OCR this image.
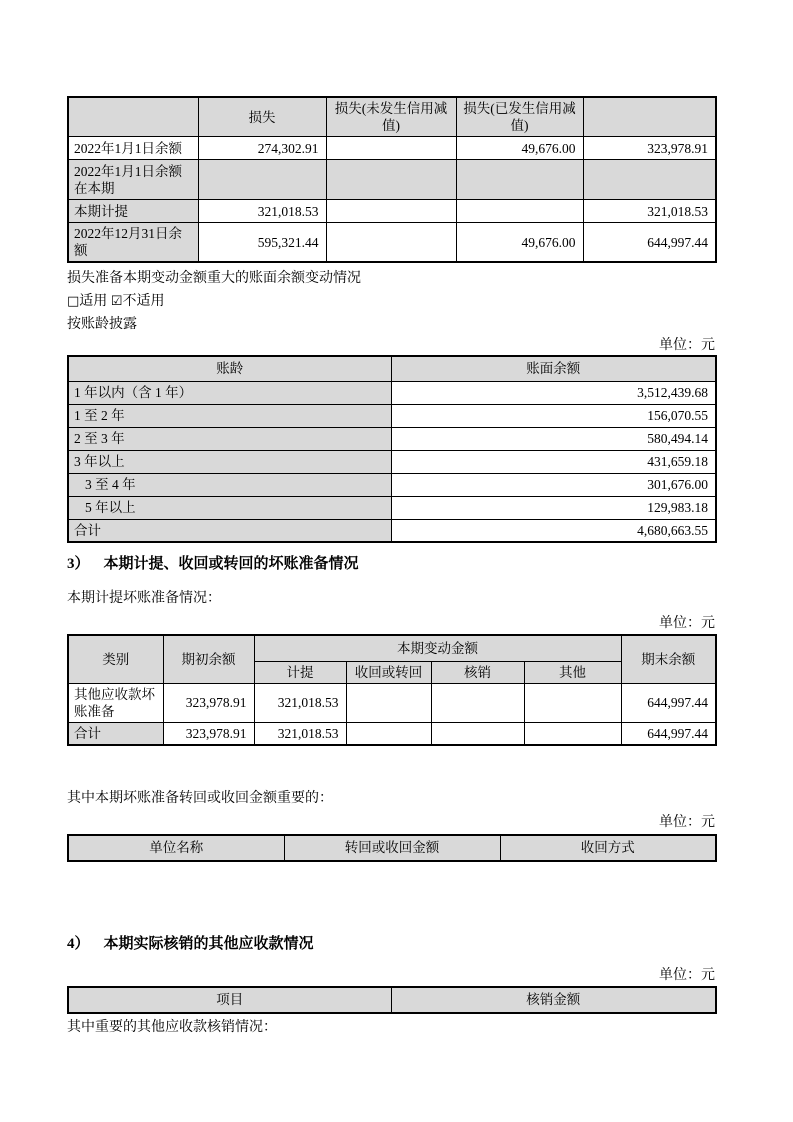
	损失	损失(未发生信用减值)	损失(已发生信用减值)	
2022年1月1日余额	274,302.91		49,676.00	323,978.91
2022年1月1日余额在本期				
本期计提	321,018.53			321,018.53
2022年12月31日余额	595,321.44		49,676.00	644,997.44

损失准备本期变动金额重大的账面余额变动情况

□适用 ☑不适用

按账龄披露

单位：元

账龄	账面余额
1 年以内（含 1 年）	3,512,439.68
1 至 2 年	156,070.55
2 至 3 年	580,494.14
3 年以上	431,659.18
3 至 4 年	301,676.00
5 年以上	129,983.18
合计	4,680,663.55

3） 本期计提、收回或转回的坏账准备情况

本期计提坏账准备情况：

单位：元

类别	期初余额	本期变动金额				期末余额
		计提	收回或转回	核销	其他	
其他应收款坏账准备	323,978.91	321,018.53				644,997.44
合计	323,978.91	321,018.53				644,997.44

其中本期坏账准备转回或收回金额重要的：

单位：元

单位名称	转回或收回金额	收回方式

4） 本期实际核销的其他应收款情况

单位：元

项目	核销金额

其中重要的其他应收款核销情况：
